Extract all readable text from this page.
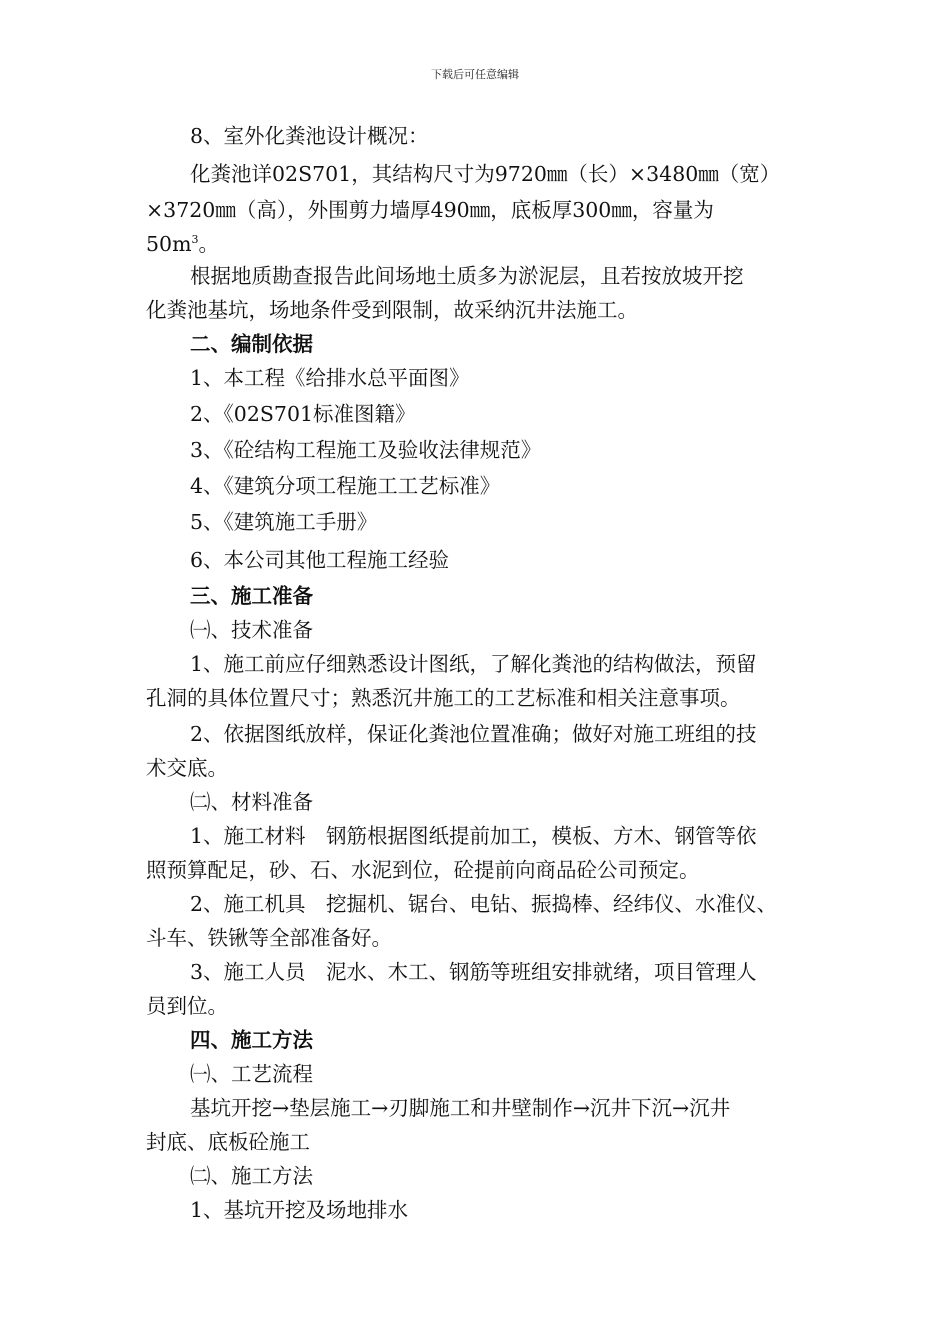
下载后可任意编辑
8、室外化粪池设计概况：
化粪池详02S701，其结构尺寸为9720㎜（长）×3480㎜（宽）
×3720㎜（高），外围剪力墙厚490㎜，底板厚300㎜，容量为
$50m^3$。
根据地质勘查报告此间场地土质多为淤泥层，且若按放坡开挖
化粪池基坑，场地条件受到限制，故采纳沉井法施工。
二、编制依据
1、本工程《给排水总平面图》
2、《02S701标准图籍》
3、《砼结构工程施工及验收法律规范》
4、《建筑分项工程施工工艺标准》
5、《建筑施工手册》
6、本公司其他工程施工经验
三、施工准备
㈠、技术准备
1、施工前应仔细熟悉设计图纸，了解化粪池的结构做法，预留
孔洞的具体位置尺寸；熟悉沉井施工的工艺标准和相关注意事项。
2、依据图纸放样，保证化粪池位置准确；做好对施工班组的技
术交底。
㈡、材料准备
1、施工材料　钢筋根据图纸提前加工，模板、方木、钢管等依
照预算配足，砂、石、水泥到位，砼提前向商品砼公司预定。
2、施工机具　挖掘机、锯台、电钻、振捣棒、经纬仪、水准仪、
斗车、铁锹等全部准备好。
3、施工人员　泥水、木工、钢筋等班组安排就绪，项目管理人
员到位。
四、施工方法
㈠、工艺流程
基坑开挖→垫层施工→刃脚施工和井壁制作→沉井下沉→沉井
封底、底板砼施工
㈡、施工方法
1、基坑开挖及场地排水
